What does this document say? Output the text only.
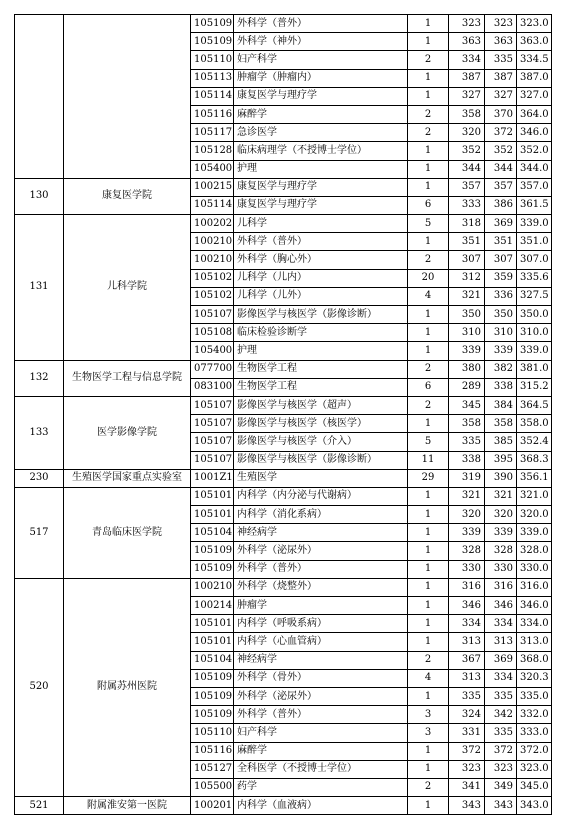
		105109	外科学（普外）	1	323	323	323.0
		105109	外科学（神外）	1	363	363	363.0
		105110	妇产科学	2	334	335	334.5
		105113	肿瘤学（肿瘤内）	1	387	387	387.0
		105114	康复医学与理疗学	1	327	327	327.0
		105116	麻醉学	2	358	370	364.0
		105117	急诊医学	2	320	372	346.0
		105128	临床病理学（不授博士学位）	1	352	352	352.0
		105400	护理	1	344	344	344.0
130	康复医学院	100215	康复医学与理疗学	1	357	357	357.0
		105114	康复医学与理疗学	6	333	386	361.5
131	儿科学院	100202	儿科学	5	318	369	339.0
		100210	外科学（普外）	1	351	351	351.0
		100210	外科学（胸心外）	2	307	307	307.0
		105102	儿科学（儿内）	20	312	359	335.6
		105102	儿科学（儿外）	4	321	336	327.5
		105107	影像医学与核医学（影像诊断）	1	350	350	350.0
		105108	临床检验诊断学	1	310	310	310.0
		105400	护理	1	339	339	339.0
132	生物医学工程与信息学院	077700	生物医学工程	2	380	382	381.0
		083100	生物医学工程	6	289	338	315.2
133	医学影像学院	105107	影像医学与核医学（超声）	2	345	384	364.5
		105107	影像医学与核医学（核医学）	1	358	358	358.0
		105107	影像医学与核医学（介入）	5	335	385	352.4
		105107	影像医学与核医学（影像诊断）	11	338	395	368.3
230	生殖医学国家重点实验室	1001Z1	生殖医学	29	319	390	356.1
517	青岛临床医学院	105101	内科学（内分泌与代谢病）	1	321	321	321.0
		105101	内科学（消化系病）	1	320	320	320.0
		105104	神经病学	1	339	339	339.0
		105109	外科学（泌尿外）	1	328	328	328.0
		105109	外科学（普外）	1	330	330	330.0
520	附属苏州医院	100210	外科学（烧整外）	1	316	316	316.0
		100214	肿瘤学	1	346	346	346.0
		105101	内科学（呼吸系病）	1	334	334	334.0
		105101	内科学（心血管病）	1	313	313	313.0
		105104	神经病学	2	367	369	368.0
		105109	外科学（骨外）	4	313	334	320.3
		105109	外科学（泌尿外）	1	335	335	335.0
		105109	外科学（普外）	3	324	342	332.0
		105110	妇产科学	3	331	335	333.0
		105116	麻醉学	1	372	372	372.0
		105127	全科医学（不授博士学位）	1	323	323	323.0
		105500	药学	2	341	349	345.0
521	附属淮安第一医院	100201	内科学（血液病）	1	343	343	343.0
